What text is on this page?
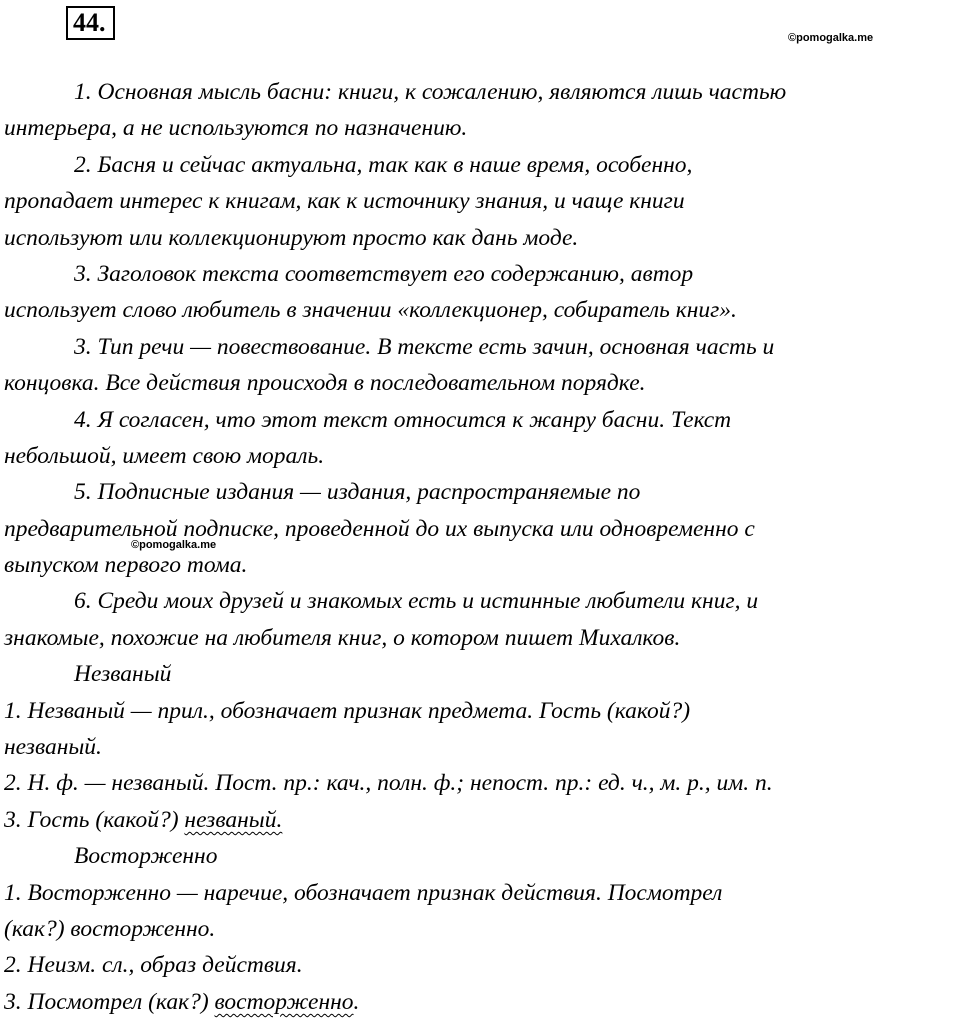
44.
©pomogalka.me
©pomogalka.me
1. Основная мысль басни: книги, к сожалению, являются лишь частью
интерьера, а не используются по назначению.
2. Басня и сейчас актуальна, так как в наше время, особенно,
пропадает интерес к книгам, как к источнику знания, и чаще книги
используют или коллекционируют просто как дань моде.
3. Заголовок текста соответствует его содержанию, автор
использует слово любитель в значении «коллекционер, собиратель книг».
3. Тип речи — повествование. В тексте есть зачин, основная часть и
концовка. Все действия происходя в последовательном порядке.
4. Я согласен, что этот текст относится к жанру басни. Текст
небольшой, имеет свою мораль.
5. Подписные издания — издания, распространяемые по
предварительной подписке, проведенной до их выпуска или одновременно с
выпуском первого тома.
6. Среди моих друзей и знакомых есть и истинные любители книг, и
знакомые, похожие на любителя книг, о котором пишет Михалков.
Незваный
1. Незваный — прил., обозначает признак предмета. Гость (какой?)
незваный.
2. Н. ф. — незваный. Пост. пр.: кач., полн. ф.; непост. пр.: ед. ч., м. р., им. п.
3. Гость (какой?) незваный.
Восторженно
1. Восторженно — наречие, обозначает признак действия. Посмотрел
(как?) восторженно.
2. Неизм. сл., образ действия.
3. Посмотрел (как?) восторженно.
